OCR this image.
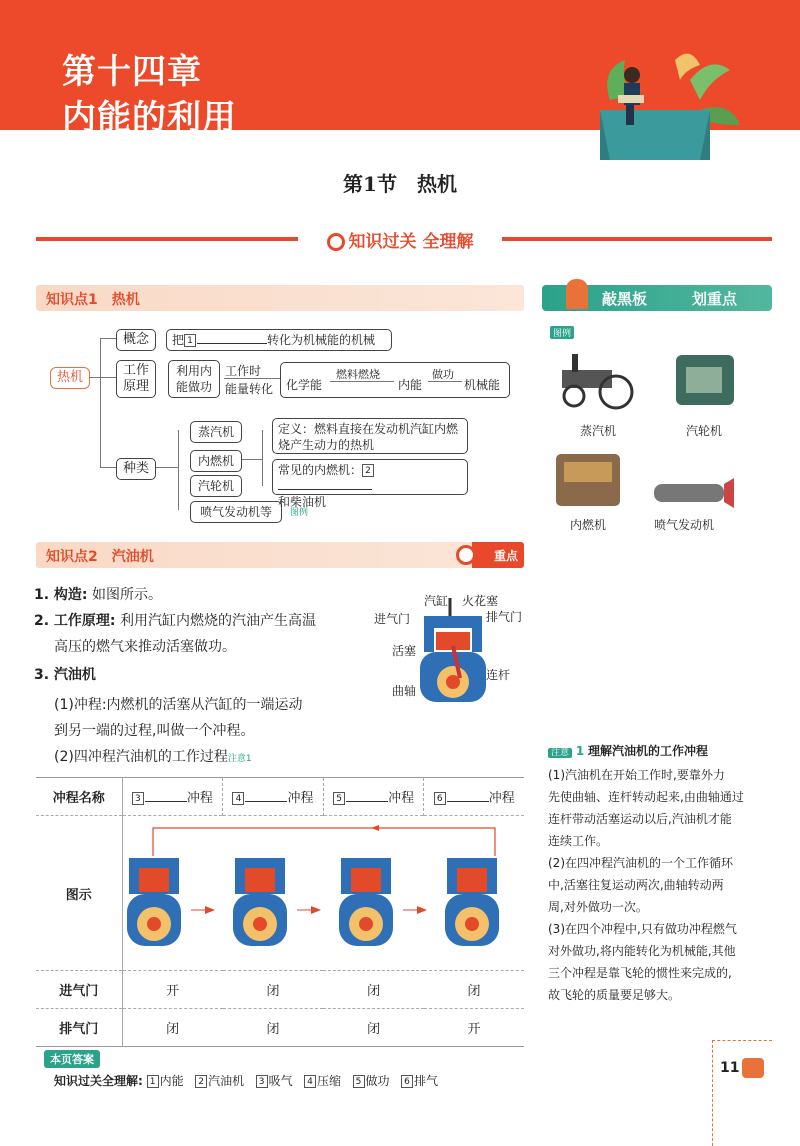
第十四章
内能的利用
第1节　热机
知识过关 全理解
知识点1　热机
热机
概念	把 1	转化为机械能的机械
工作
原理
利用内
能做功
工作时
能量转化 化学能
燃料燃烧
内能
做功
机械能
种类
蒸汽机
内燃机
汽轮机
喷气发动机等	图例
定义：燃料直接在发动机汽缸内燃烧产生动力的热机
常见的内燃机： 2
和柴油机
知识点2　汽油机	重点
1. 构造: 如图所示。
2. 工作原理: 利用汽缸内燃烧的汽油产生高温
高压的燃气来推动活塞做功。
3. 汽油机
(1)冲程:内燃机的活塞从汽缸的一端运动
到另一端的过程,叫做一个冲程。
(2)四冲程汽油机的工作过程注意1
汽缸 火花塞
进气门	排气门
活塞
连杆
曲轴
冲程名称	3 冲程	4 冲程	5 冲程	6 冲程
图示	
进气门	开	闭	闭	闭
排气门	闭	闭	闭	开
敲黑板	划重点
图例
蒸汽机	汽轮机
内燃机	喷气发动机
注意 1 理解汽油机的工作冲程
(1)汽油机在开始工作时,要靠外力
先使曲轴、连杆转动起来,由曲轴通过
连杆带动活塞运动以后,汽油机才能
连续工作。
(2)在四冲程汽油机的一个工作循环
中,活塞往复运动两次,曲轴转动两
周,对外做功一次。
(3)在四个冲程中,只有做功冲程燃气
对外做功,将内能转化为机械能,其他
三个冲程是靠飞轮的惯性来完成的,
故飞轮的质量要足够大。
本页答案
知识过关全理解: 1 内能 2 汽油机 3 吸气 4 压缩 5 做功 6 排气
11
